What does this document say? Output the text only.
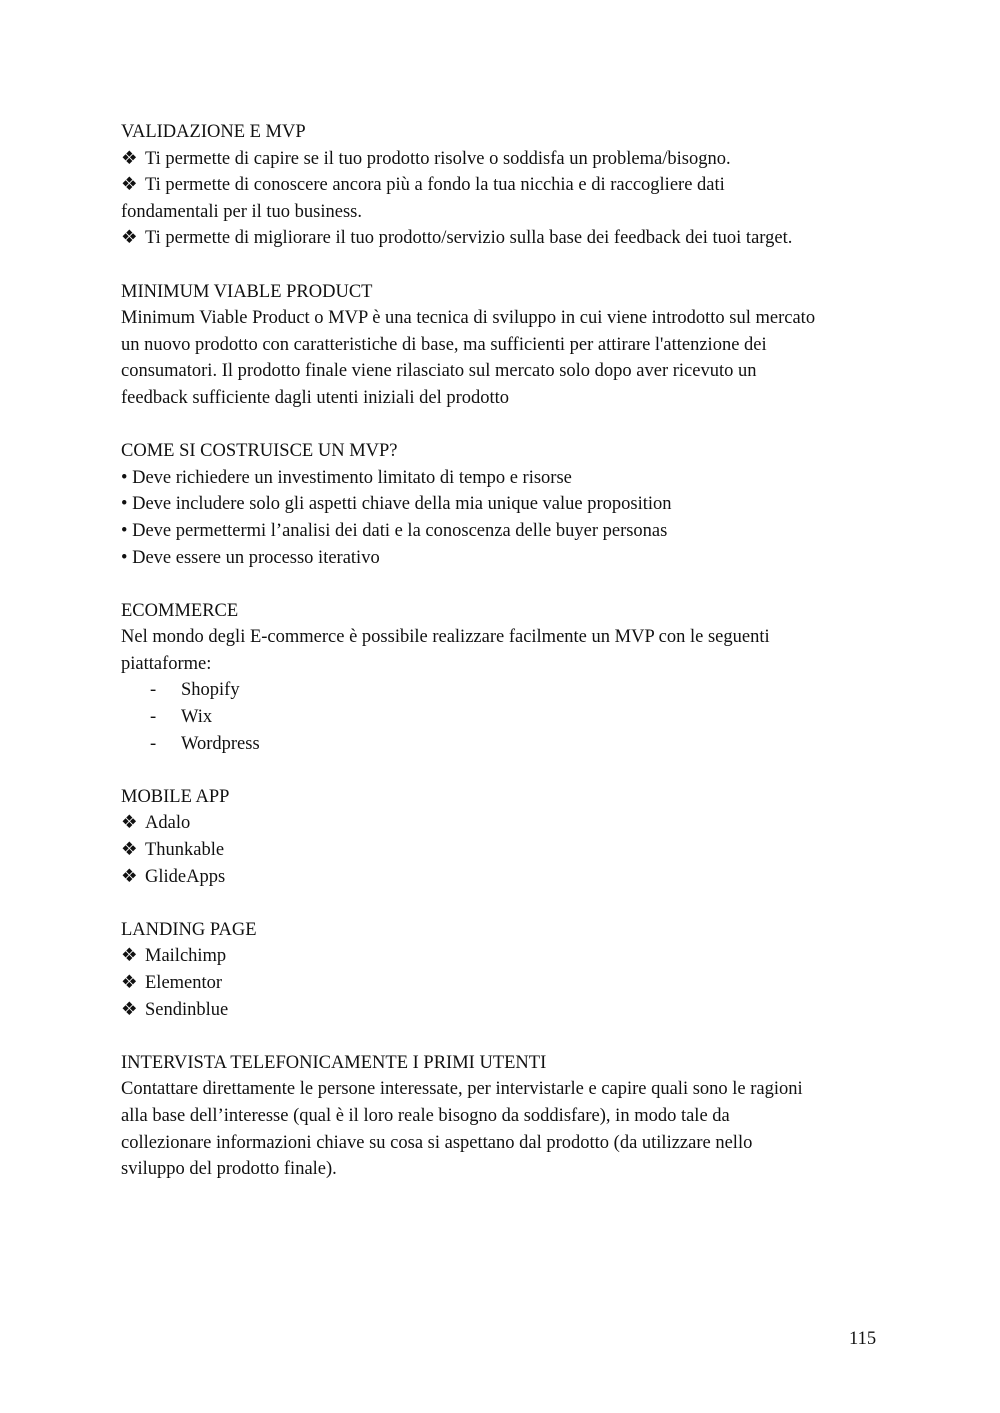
VALIDAZIONE E MVP

❖ Ti permette di capire se il tuo prodotto risolve o soddisfa un problema/bisogno.

❖ Ti permette di conoscere ancora più a fondo la tua nicchia e di raccogliere dati

fondamentali per il tuo business.

❖ Ti permette di migliorare il tuo prodotto/servizio sulla base dei feedback dei tuoi target.

MINIMUM VIABLE PRODUCT

Minimum Viable Product o MVP è una tecnica di sviluppo in cui viene introdotto sul mercato

un nuovo prodotto con caratteristiche di base, ma sufficienti per attirare l'attenzione dei

consumatori. Il prodotto finale viene rilasciato sul mercato solo dopo aver ricevuto un

feedback sufficiente dagli utenti iniziali del prodotto

COME SI COSTRUISCE UN MVP?

• Deve richiedere un investimento limitato di tempo e risorse

• Deve includere solo gli aspetti chiave della mia unique value proposition

• Deve permettermi l’analisi dei dati e la conoscenza delle buyer personas

• Deve essere un processo iterativo

ECOMMERCE

Nel mondo degli E-commerce è possibile realizzare facilmente un MVP con le seguenti

piattaforme:

- Shopify

- Wix

- Wordpress

MOBILE APP

❖ Adalo

❖ Thunkable

❖ GlideApps

LANDING PAGE

❖ Mailchimp

❖ Elementor

❖ Sendinblue

INTERVISTA TELEFONICAMENTE I PRIMI UTENTI

Contattare direttamente le persone interessate, per intervistarle e capire quali sono le ragioni

alla base dell’interesse (qual è il loro reale bisogno da soddisfare), in modo tale da

collezionare informazioni chiave su cosa si aspettano dal prodotto (da utilizzare nello

sviluppo del prodotto finale).

115
